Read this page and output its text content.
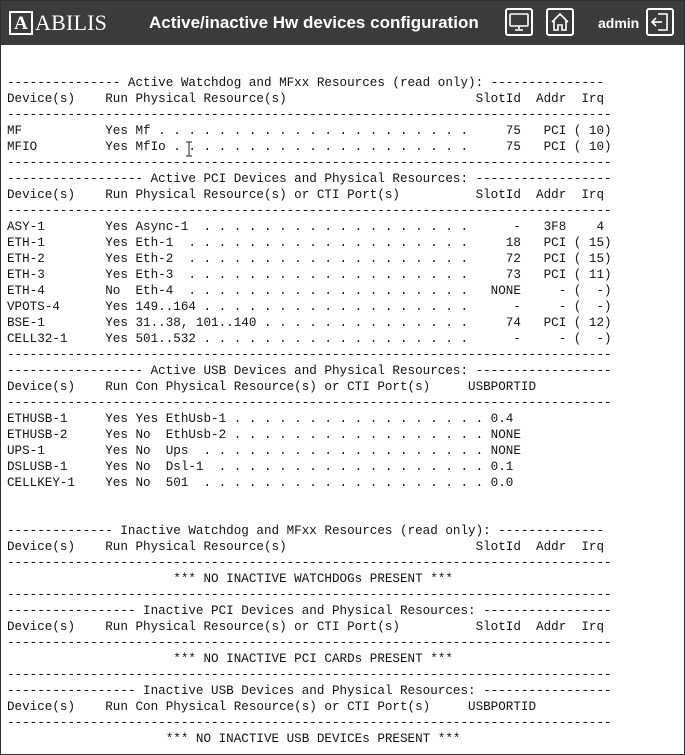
A ABILIS Active/inactive Hw devices configuration	admin
--------------- Active Watchdog and MFxx Resources (read only): ---------------
Device(s)    Run Physical Resource(s)                         SlotId  Addr  Irq
--------------------------------------------------------------------------------
MF           Yes Mf . . . . . . . . . . . . . . . . . . . . .     75   PCI ( 10)
MFIO         Yes MfIo . . . . . . . . . . . . . . . . . . . .     75   PCI ( 10)
--------------------------------------------------------------------------------
------------------ Active PCI Devices and Physical Resources: ------------------
Device(s)    Run Physical Resource(s) or CTI Port(s)          SlotId  Addr  Irq
--------------------------------------------------------------------------------
ASY-1        Yes Async-1  . . . . . . . . . . . . . . . . . .      -   3F8    4
ETH-1        Yes Eth-1  . . . . . . . . . . . . . . . . . . .     18   PCI ( 15)
ETH-2        Yes Eth-2  . . . . . . . . . . . . . . . . . . .     72   PCI ( 15)
ETH-3        Yes Eth-3  . . . . . . . . . . . . . . . . . . .     73   PCI ( 11)
ETH-4        No  Eth-4  . . . . . . . . . . . . . . . . . . .   NONE     - (  -)
VPOTS-4      Yes 149..164 . . . . . . . . . . . . . . . . . .      -     - (  -)
BSE-1        Yes 31..38, 101..140 . . . . . . . . . . . . . .     74   PCI ( 12)
CELL32-1     Yes 501..532 . . . . . . . . . . . . . . . . . .      -     - (  -)
--------------------------------------------------------------------------------
------------------ Active USB Devices and Physical Resources: ------------------
Device(s)    Run Con Physical Resource(s) or CTI Port(s)     USBPORTID
--------------------------------------------------------------------------------
ETHUSB-1     Yes Yes EthUsb-1 . . . . . . . . . . . . . . . . . 0.4
ETHUSB-2     Yes No  EthUsb-2 . . . . . . . . . . . . . . . . . NONE
UPS-1        Yes No  Ups  . . . . . . . . . . . . . . . . . . . NONE
DSLUSB-1     Yes No  Dsl-1  . . . . . . . . . . . . . . . . . . 0.1
CELLKEY-1    Yes No  501  . . . . . . . . . . . . . . . . . . . 0.0
-------------- Inactive Watchdog and MFxx Resources (read only): --------------
Device(s)    Run Physical Resource(s)                         SlotId  Addr  Irq
--------------------------------------------------------------------------------
*** NO INACTIVE WATCHDOGs PRESENT ***
--------------------------------------------------------------------------------
----------------- Inactive PCI Devices and Physical Resources: -----------------
Device(s)    Run Physical Resource(s) or CTI Port(s)          SlotId  Addr  Irq
--------------------------------------------------------------------------------
*** NO INACTIVE PCI CARDs PRESENT ***
--------------------------------------------------------------------------------
----------------- Inactive USB Devices and Physical Resources: -----------------
Device(s)    Run Con Physical Resource(s) or CTI Port(s)     USBPORTID
--------------------------------------------------------------------------------
*** NO INACTIVE USB DEVICEs PRESENT ***
